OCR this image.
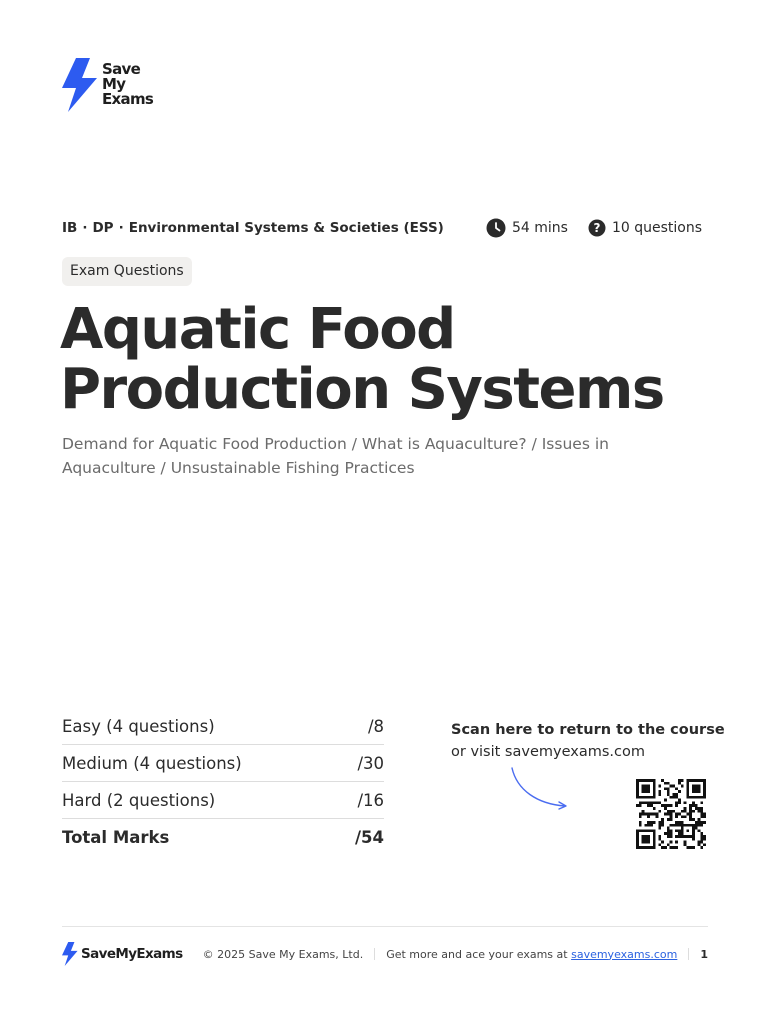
Save
My
Exams
IB · DP · Environmental Systems & Societies (ESS)	54 mins ? 10 questions
Exam Questions
Aquatic Food
Production Systems
Demand for Aquatic Food Production / What is Aquaculture? / Issues in Aquaculture / Unsustainable Fishing Practices
Easy (4 questions)	/8
Medium (4 questions)	/30
Hard (2 questions)	/16
Total Marks	/54
Scan here to return to the course
or visit savemyexams.com
SaveMyExams © 2025 Save My Exams, Ltd. Get more and ace your exams at savemyexams.com 1
